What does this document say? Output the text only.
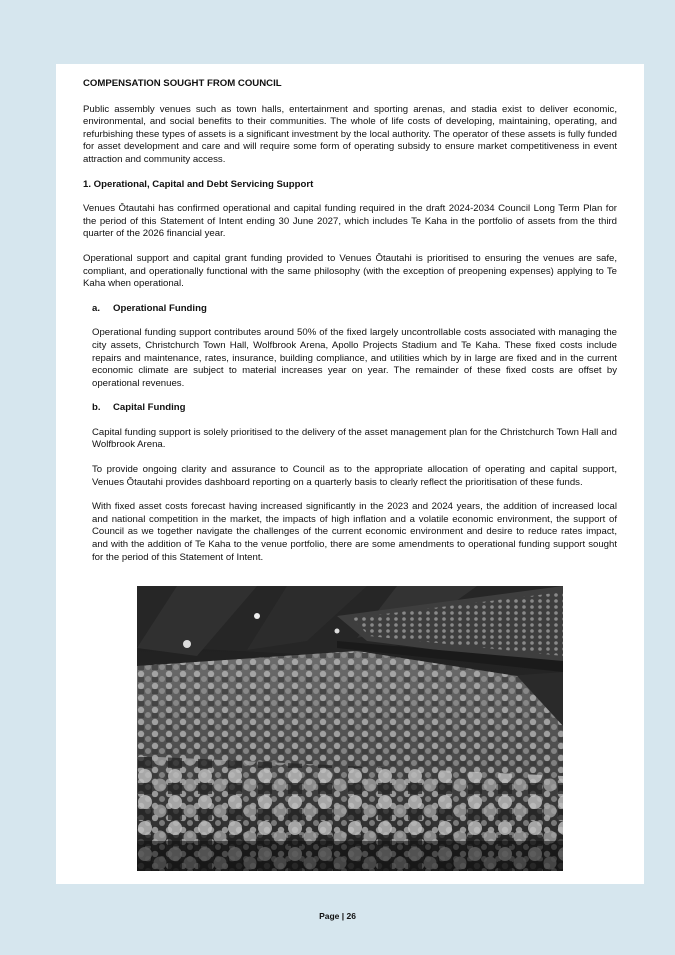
COMPENSATION SOUGHT FROM COUNCIL

Public assembly venues such as town halls, entertainment and sporting arenas, and stadia exist to deliver economic, environmental, and social benefits to their communities. The whole of life costs of developing, maintaining, operating, and refurbishing these types of assets is a significant investment by the local authority. The operator of these assets is fully funded for asset development and care and will require some form of operating subsidy to ensure market competitiveness in event attraction and community access.

1. Operational, Capital and Debt Servicing Support

Venues Ōtautahi has confirmed operational and capital funding required in the draft 2024-2034 Council Long Term Plan for the period of this Statement of Intent ending 30 June 2027, which includes Te Kaha in the portfolio of assets from the third quarter of the 2026 financial year.

Operational support and capital grant funding provided to Venues Ōtautahi is prioritised to ensuring the venues are safe, compliant, and operationally functional with the same philosophy (with the exception of preopening expenses) applying to Te Kaha when operational.

a. Operational Funding

Operational funding support contributes around 50% of the fixed largely uncontrollable costs associated with managing the city assets, Christchurch Town Hall, Wolfbrook Arena, Apollo Projects Stadium and Te Kaha. These fixed costs include repairs and maintenance, rates, insurance, building compliance, and utilities which by in large are fixed and in the current economic climate are subject to material increases year on year. The remainder of these fixed costs are offset by operational revenues.

b. Capital Funding

Capital funding support is solely prioritised to the delivery of the asset management plan for the Christchurch Town Hall and Wolfbrook Arena.

To provide ongoing clarity and assurance to Council as to the appropriate allocation of operating and capital support, Venues Ōtautahi provides dashboard reporting on a quarterly basis to clearly reflect the prioritisation of these funds.

With fixed asset costs forecast having increased significantly in the 2023 and 2024 years, the addition of increased local and national competition in the market, the impacts of high inflation and a volatile economic environment, the support of Council as we together navigate the challenges of the current economic environment and desire to reduce rates impact, and with the addition of Te Kaha to the venue portfolio, there are some amendments to operational funding support sought for the period of this Statement of Intent.

Page | 26
